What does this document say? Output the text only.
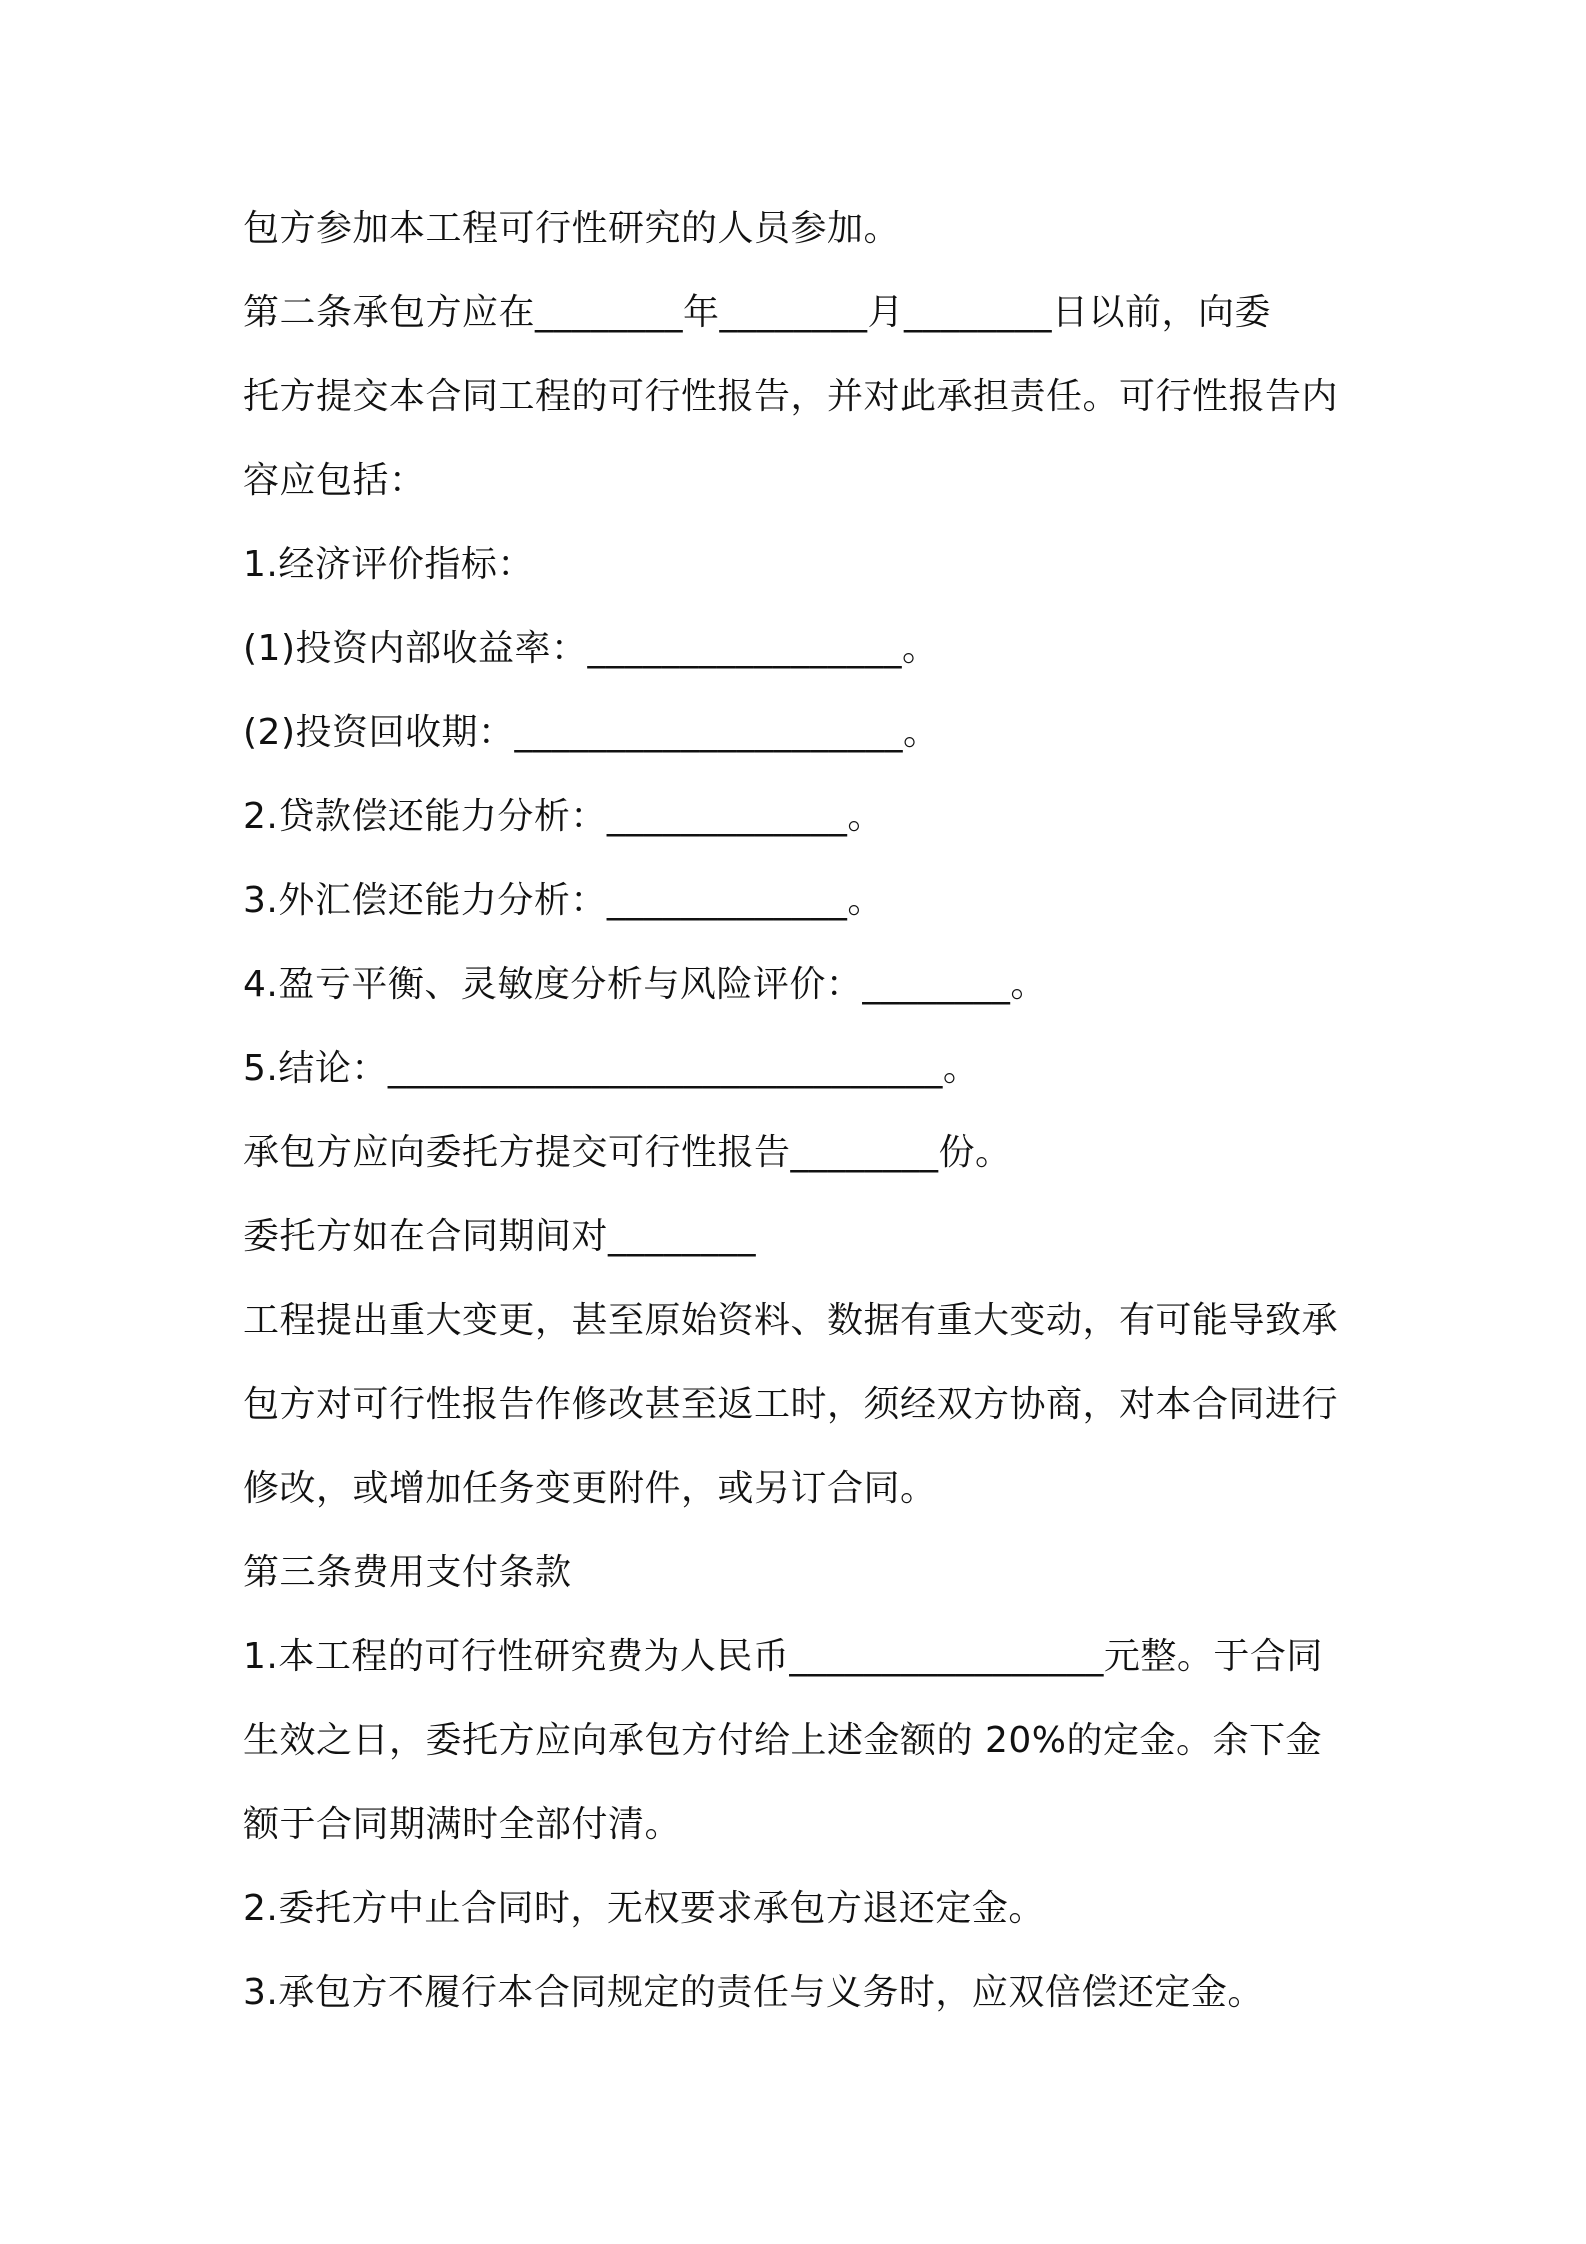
包方参加本工程可行性研究的人员参加。
第二条承包方应在________年________月________日以前，向委
托方提交本合同工程的可行性报告，并对此承担责任。可行性报告内
容应包括：
1.经济评价指标：
(1)投资内部收益率：_________________。
(2)投资回收期：_____________________。
2.贷款偿还能力分析：_____________。
3.外汇偿还能力分析：_____________。
4.盈亏平衡、灵敏度分析与风险评价：________。
5.结论：______________________________。
承包方应向委托方提交可行性报告________份。
委托方如在合同期间对________
工程提出重大变更，甚至原始资料、数据有重大变动，有可能导致承
包方对可行性报告作修改甚至返工时，须经双方协商，对本合同进行
修改，或增加任务变更附件，或另订合同。
第三条费用支付条款
1.本工程的可行性研究费为人民币_________________元整。于合同
生效之日，委托方应向承包方付给上述金额的 20%的定金。余下金
额于合同期满时全部付清。
2.委托方中止合同时，无权要求承包方退还定金。
3.承包方不履行本合同规定的责任与义务时，应双倍偿还定金。
